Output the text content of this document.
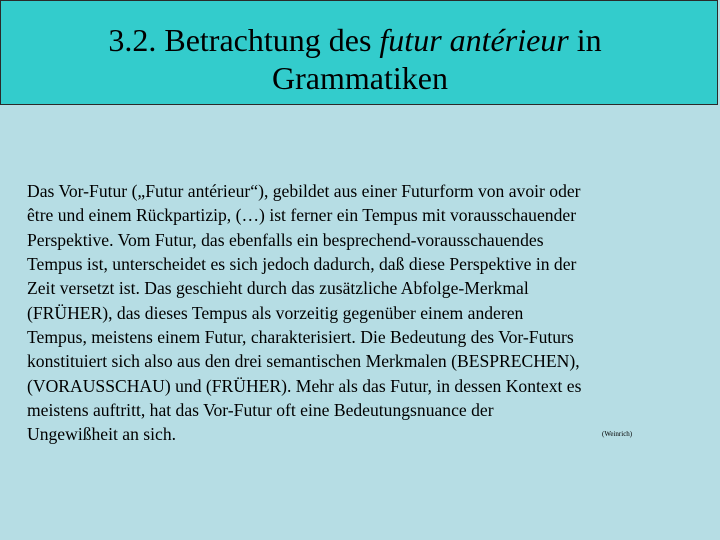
3.2. Betrachtung des futur antérieur in
Grammatiken

Das Vor-Futur („Futur antérieur“), gebildet aus einer Futurform von avoir oder
être und einem Rückpartizip, (…) ist ferner ein Tempus mit vorausschauender
Perspektive. Vom Futur, das ebenfalls ein besprechend-vorausschauendes
Tempus ist, unterscheidet es sich jedoch dadurch, daß diese Perspektive in der
Zeit versetzt ist. Das geschieht durch das zusätzliche Abfolge-Merkmal
(FRÜHER), das dieses Tempus als vorzeitig gegenüber einem anderen
Tempus, meistens einem Futur, charakterisiert. Die Bedeutung des Vor-Futurs
konstituiert sich also aus den drei semantischen Merkmalen (BESPRECHEN),
(VORAUSSCHAU) und (FRÜHER). Mehr als das Futur, in dessen Kontext es
meistens auftritt, hat das Vor-Futur oft eine Bedeutungsnuance der
Ungewißheit an sich.	(Weinrich)
